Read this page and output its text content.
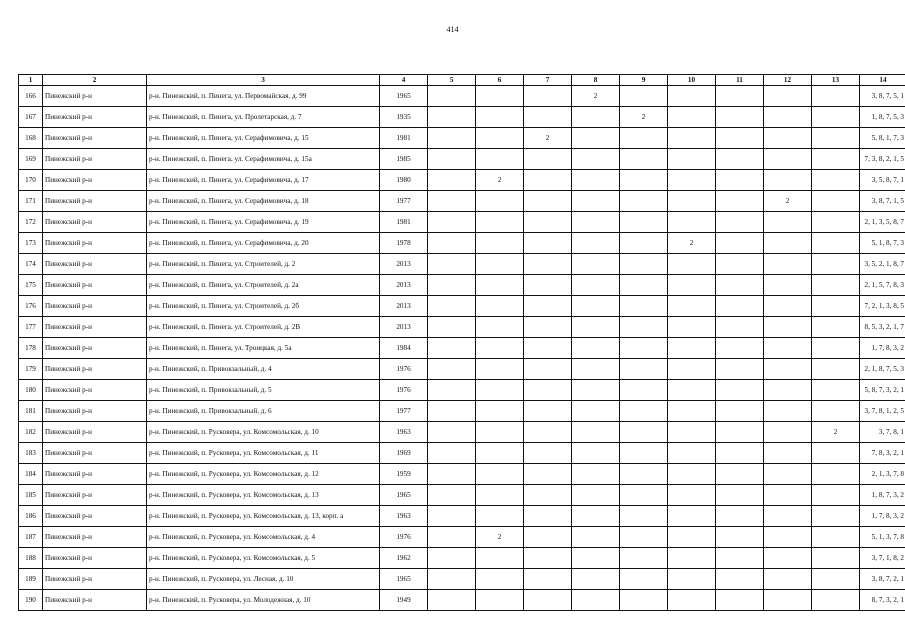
414
1	2	3	4	5	6	7	8	9	10	11	12	13	14
166	Пинежский р-н	р-н. Пинежский, п. Пинега, ул. Первомайская, д. 99	1965				2						3, 8, 7, 5, 1
167	Пинежский р-н	р-н. Пинежский, п. Пинега, ул. Пролетарская, д. 7	1935					2					1, 8, 7, 5, 3
168	Пинежский р-н	р-н. Пинежский, п. Пинега, ул. Серафимовича, д. 15	1981			2							5, 8, 1, 7, 3
169	Пинежский р-н	р-н. Пинежский, п. Пинега, ул. Серафимовича, д. 15а	1985										7, 3, 8, 2, 1, 5
170	Пинежский р-н	р-н. Пинежский, п. Пинега, ул. Серафимовича, д. 17	1980		2								3, 5, 8, 7, 1
171	Пинежский р-н	р-н. Пинежский, п. Пинега, ул. Серафимовича, д. 18	1977								2		3, 8, 7, 1, 5
172	Пинежский р-н	р-н. Пинежский, п. Пинега, ул. Серафимовича, д. 19	1981										2, 1, 3, 5, 8, 7
173	Пинежский р-н	р-н. Пинежский, п. Пинега, ул. Серафимовича, д. 20	1978						2				5, 1, 8, 7, 3
174	Пинежский р-н	р-н. Пинежский, п. Пинега, ул. Строителей, д. 2	2013										3, 5, 2, 1, 8, 7
175	Пинежский р-н	р-н. Пинежский, п. Пинега, ул. Строителей, д. 2а	2013										2, 1, 5, 7, 8, 3
176	Пинежский р-н	р-н. Пинежский, п. Пинега, ул. Строителей, д. 2б	2013										7, 2, 1, 3, 8, 5
177	Пинежский р-н	р-н. Пинежский, п. Пинега, ул. Строителей, д. 2В	2013										8, 5, 3, 2, 1, 7
178	Пинежский р-н	р-н. Пинежский, п. Пинега, ул. Троицкая, д. 5а	1984										1, 7, 8, 3, 2
179	Пинежский р-н	р-н. Пинежский, п. Привокзальный, д. 4	1976										2, 1, 8, 7, 5, 3
180	Пинежский р-н	р-н. Пинежский, п. Привокзальный, д. 5	1976										5, 8, 7, 3, 2, 1
181	Пинежский р-н	р-н. Пинежский, п. Привокзальный, д. 6	1977										3, 7, 8, 1, 2, 5
182	Пинежский р-н	р-н. Пинежский, п. Русковера, ул. Комсомольская, д. 10	1963									2	3, 7, 8, 1
183	Пинежский р-н	р-н. Пинежский, п. Русковера, ул. Комсомольская, д. 11	1969										7, 8, 3, 2, 1
184	Пинежский р-н	р-н. Пинежский, п. Русковера, ул. Комсомольская, д. 12	1959										2, 1, 3, 7, 8
185	Пинежский р-н	р-н. Пинежский, п. Русковера, ул. Комсомольская, д. 13	1965										1, 8, 7, 3, 2
186	Пинежский р-н	р-н. Пинежский, п. Русковера, ул. Комсомольская, д. 13, корп. а	1963										1, 7, 8, 3, 2
187	Пинежский р-н	р-н. Пинежский, п. Русковера, ул. Комсомольская, д. 4	1976		2								5, 1, 3, 7, 8
188	Пинежский р-н	р-н. Пинежский, п. Русковера, ул. Комсомольская, д. 5	1962										3, 7, 1, 8, 2
189	Пинежский р-н	р-н. Пинежский, п. Русковера, ул. Лесная, д. 10	1965										3, 8, 7, 2, 1
190	Пинежский р-н	р-н. Пинежский, п. Русковера, ул. Молодежная, д. 10	1949										8, 7, 3, 2, 1
